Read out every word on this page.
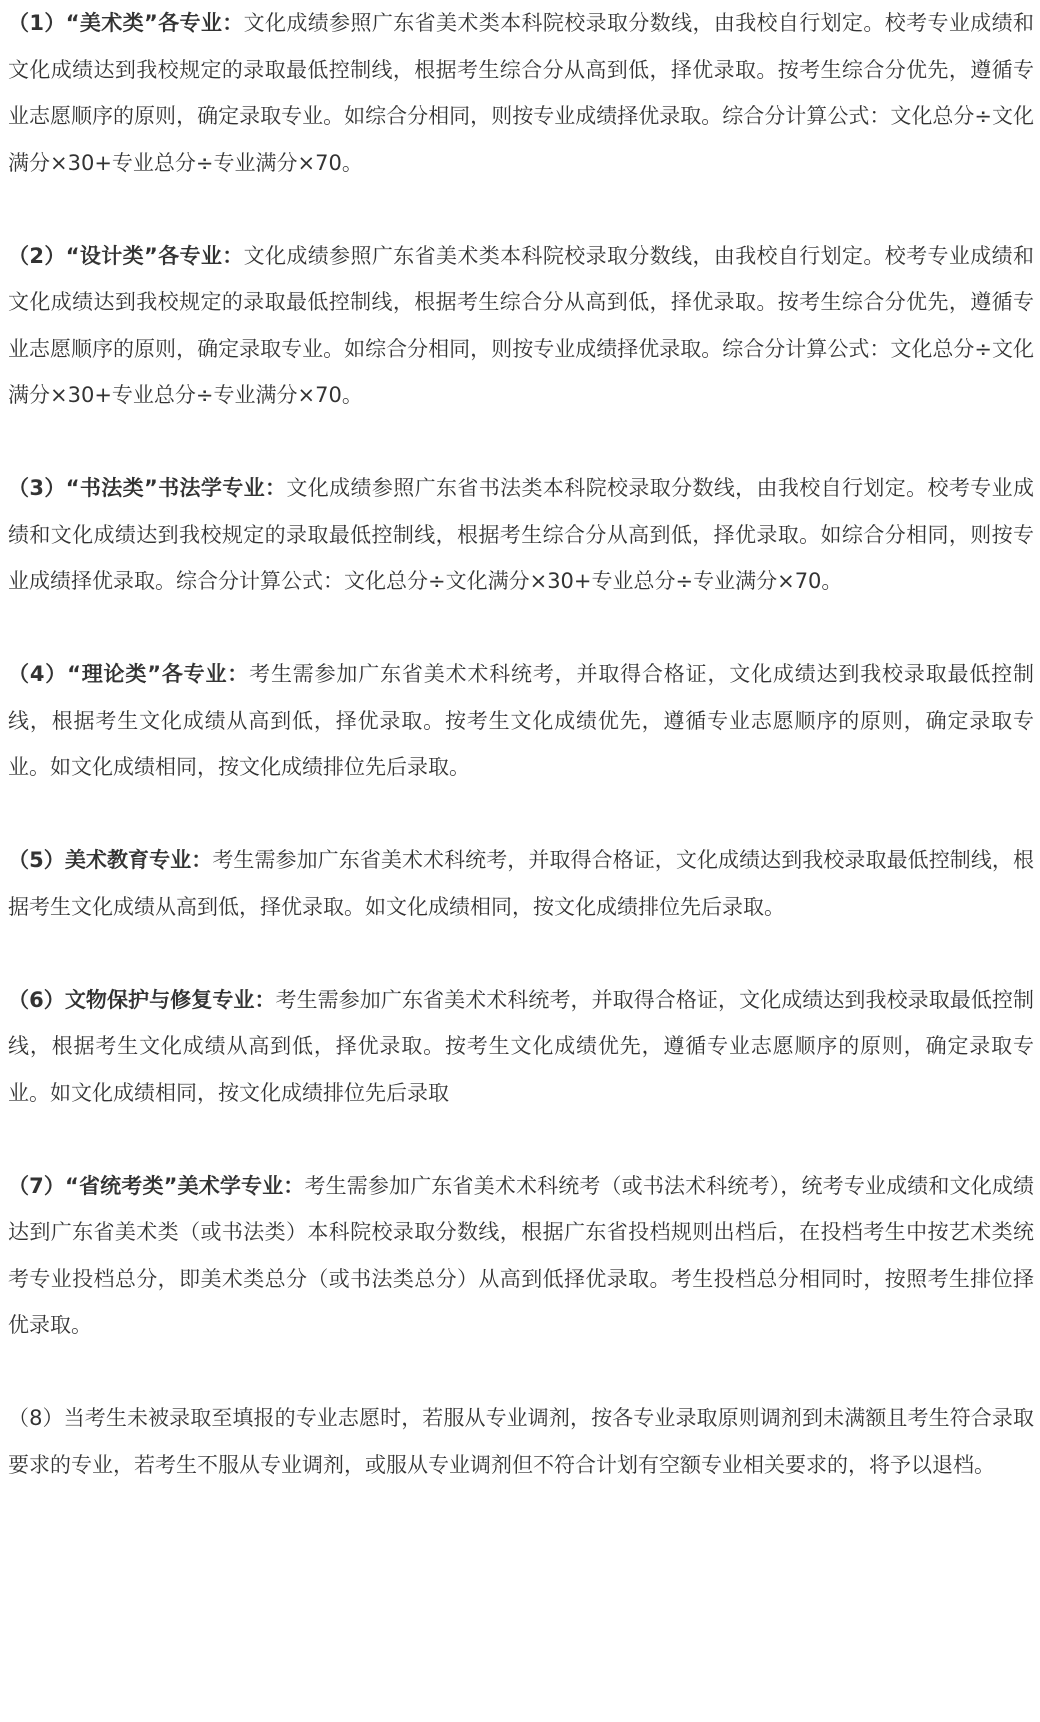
（1）“美术类”各专业：文化成绩参照广东省美术类本科院校录取分数线，由我校自行划定。校考专业成绩和文化成绩达到我校规定的录取最低控制线，根据考生综合分从高到低，择优录取。按考生综合分优先，遵循专业志愿顺序的原则，确定录取专业。如综合分相同，则按专业成绩择优录取。综合分计算公式：文化总分÷文化满分×30+专业总分÷专业满分×70。

（2）“设计类”各专业：文化成绩参照广东省美术类本科院校录取分数线，由我校自行划定。校考专业成绩和文化成绩达到我校规定的录取最低控制线，根据考生综合分从高到低，择优录取。按考生综合分优先，遵循专业志愿顺序的原则，确定录取专业。如综合分相同，则按专业成绩择优录取。综合分计算公式：文化总分÷文化满分×30+专业总分÷专业满分×70。

（3）“书法类”书法学专业：文化成绩参照广东省书法类本科院校录取分数线，由我校自行划定。校考专业成绩和文化成绩达到我校规定的录取最低控制线，根据考生综合分从高到低，择优录取。如综合分相同，则按专业成绩择优录取。综合分计算公式：文化总分÷文化满分×30+专业总分÷专业满分×70。

（4）“理论类”各专业：考生需参加广东省美术术科统考，并取得合格证，文化成绩达到我校录取最低控制线，根据考生文化成绩从高到低，择优录取。按考生文化成绩优先，遵循专业志愿顺序的原则，确定录取专业。如文化成绩相同，按文化成绩排位先后录取。

（5）美术教育专业：考生需参加广东省美术术科统考，并取得合格证，文化成绩达到我校录取最低控制线，根据考生文化成绩从高到低，择优录取。如文化成绩相同，按文化成绩排位先后录取。

（6）文物保护与修复专业：考生需参加广东省美术术科统考，并取得合格证，文化成绩达到我校录取最低控制线，根据考生文化成绩从高到低，择优录取。按考生文化成绩优先，遵循专业志愿顺序的原则，确定录取专业。如文化成绩相同，按文化成绩排位先后录取

（7）“省统考类”美术学专业：考生需参加广东省美术术科统考（或书法术科统考），统考专业成绩和文化成绩达到广东省美术类（或书法类）本科院校录取分数线，根据广东省投档规则出档后，在投档考生中按艺术类统考专业投档总分，即美术类总分（或书法类总分）从高到低择优录取。考生投档总分相同时，按照考生排位择优录取。

（8）当考生未被录取至填报的专业志愿时，若服从专业调剂，按各专业录取原则调剂到未满额且考生符合录取要求的专业，若考生不服从专业调剂，或服从专业调剂但不符合计划有空额专业相关要求的，将予以退档。
